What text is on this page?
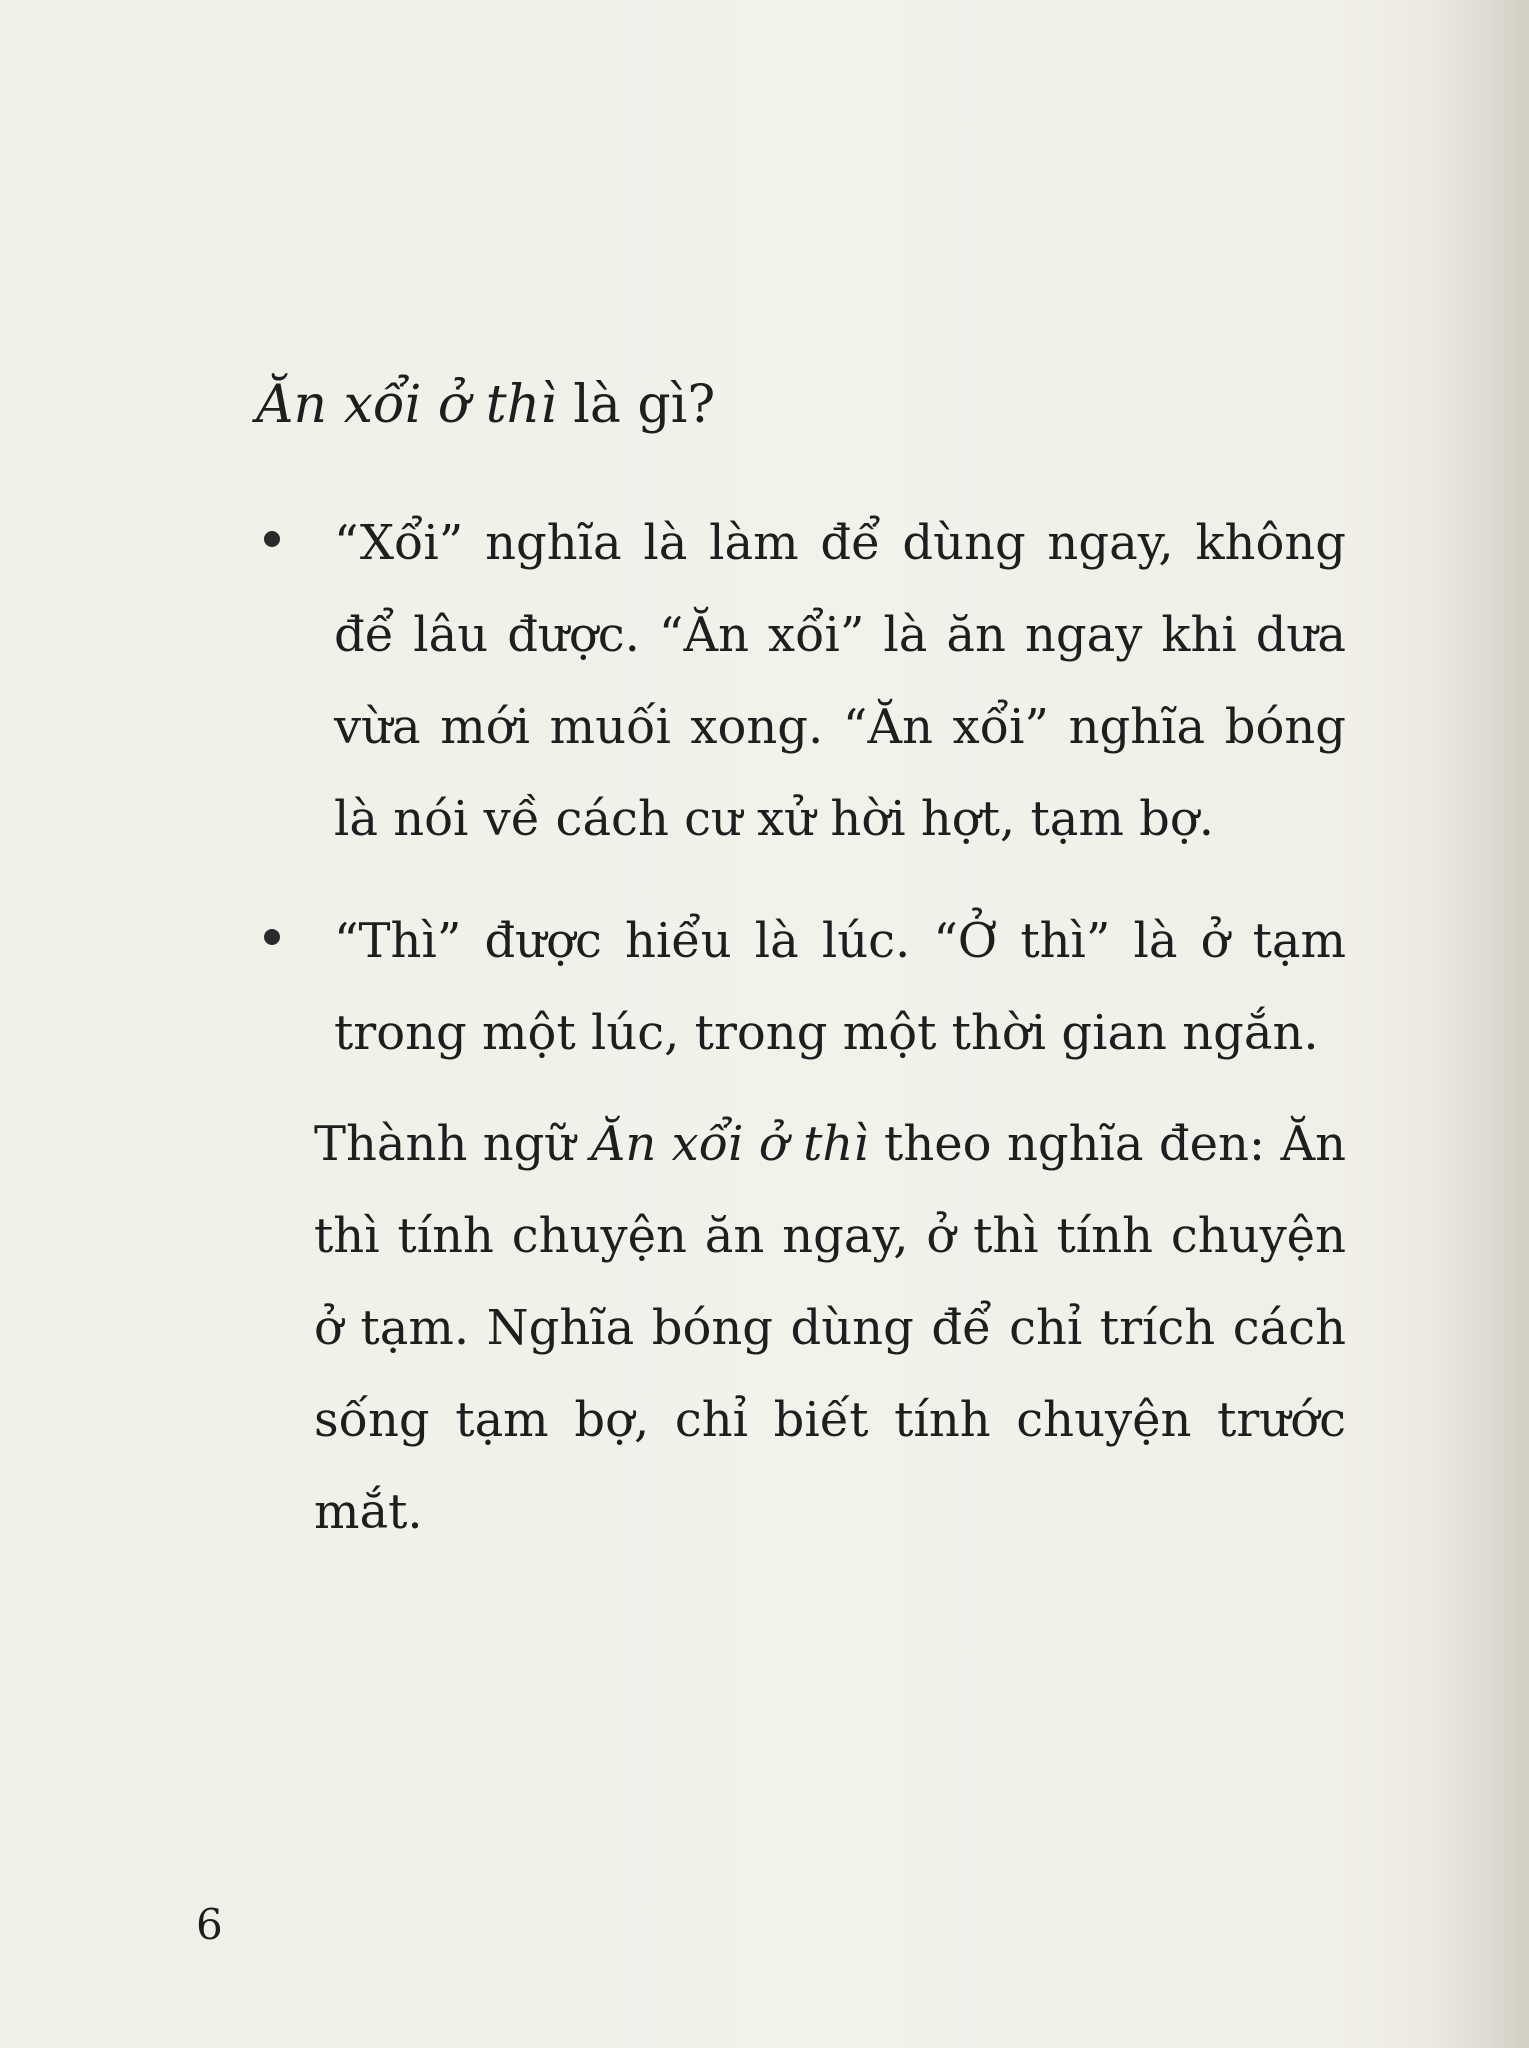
Ăn xổi ở thì là gì?
“Xổi” nghĩa là làm để dùng ngay, không để lâu được. “Ăn xổi” là ăn ngay khi dưa vừa mới muối xong. “Ăn xổi” nghĩa bóng là nói về cách cư xử hời hợt, tạm bợ.
“Thì” được hiểu là lúc. “Ở thì” là ở tạm trong một lúc, trong một thời gian ngắn.

Thành ngữ Ăn xổi ở thì theo nghĩa đen: Ăn thì tính chuyện ăn ngay, ở thì tính chuyện ở tạm. Nghĩa bóng dùng để chỉ trích cách sống tạm bợ, chỉ biết tính chuyện trước mắt.

6
